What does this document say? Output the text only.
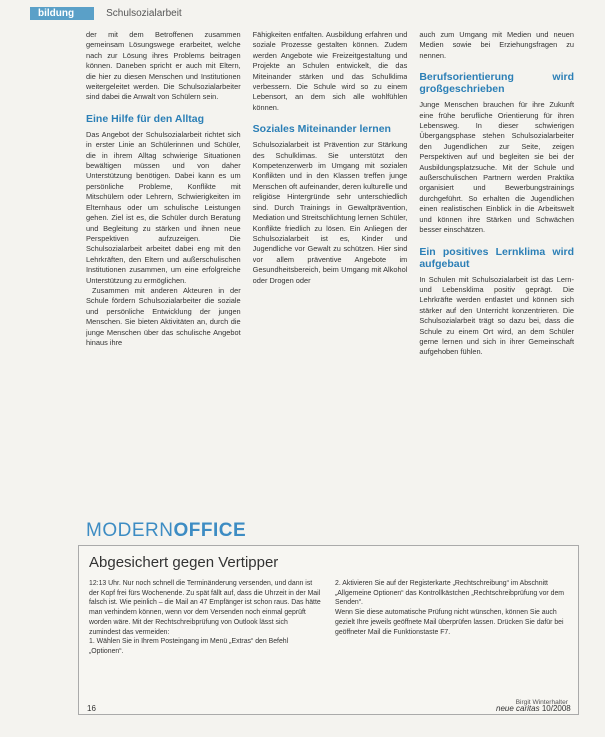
bildung	Schulsozialarbeit

der mit dem Betroffenen zusammen gemeinsam Lösungswege erarbeitet, welche nach zur Lösung ihres Problems beitragen können. Daneben spricht er auch mit Eltern, die hier zu diesen Menschen und Institutionen weitergeleitet werden. Die Schulsozialarbeiter sind dabei die Anwalt von Schülern sein.

Eine Hilfe für den Alltag

Das Angebot der Schulsozialarbeit richtet sich in erster Linie an Schülerinnen und Schüler, die in ihrem Alltag schwierige Situationen bewältigen müssen und von daher Unterstützung benötigen. Dabei kann es um persönliche Probleme, Konflikte mit Mitschülern oder Lehrern, Schwierigkeiten im Elternhaus oder um schulische Leistungen gehen. Ziel ist es, die Schüler durch Beratung und Begleitung zu stärken und ihnen neue Perspektiven aufzuzeigen. Die Schulsozialarbeit arbeitet dabei eng mit den Lehrkräften, den Eltern und außerschulischen Institutionen zusammen, um eine erfolgreiche Unterstützung zu ermöglichen.

Zusammen mit anderen Akteuren in der Schule fördern Schulsozialarbeiter die soziale und persönliche Entwicklung der jungen Menschen. Sie bieten Aktivitäten an, durch die junge Menschen über das schulische Angebot hinaus ihre

Fähigkeiten entfalten. Ausbildung erfahren und soziale Prozesse gestalten können. Zudem werden Angebote wie Freizeitgestaltung und Projekte an Schulen entwickelt, die das Miteinander stärken und das Schulklima verbessern. Die Schule wird so zu einem Lebensort, an dem sich alle wohlfühlen können.

Soziales Miteinander lernen

Schulsozialarbeit ist Prävention zur Stärkung des Schulklimas. Sie unterstützt den Kompetenzerwerb im Umgang mit sozialen Konflikten und in den Klassen treffen junge Menschen oft aufeinander, deren kulturelle und religiöse Hintergründe sehr unterschiedlich sind. Durch Trainings in Gewaltprävention, Mediation und Streitschlichtung lernen Schüler, Konflikte friedlich zu lösen. Ein Anliegen der Schulsozialarbeit ist es, Kinder und Jugendliche vor Gewalt zu schützen. Hier sind vor allem präventive Angebote im Gesundheitsbereich, beim Umgang mit Alkohol oder Drogen oder

auch zum Umgang mit Medien und neuen Medien sowie bei Erziehungsfragen zu nennen.

Berufsorientierung wird großgeschrieben

Junge Menschen brauchen für ihre Zukunft eine frühe berufliche Orientierung für ihren Lebensweg. In dieser schwierigen Übergangsphase stehen Schulsozialarbeiter den Jugendlichen zur Seite, zeigen Perspektiven auf und begleiten sie bei der Ausbildungsplatzsuche. Mit der Schule und außerschulischen Partnern werden Praktika organisiert und Bewerbungstrainings durchgeführt. So erhalten die Jugendlichen einen realistischen Einblick in die Arbeitswelt und können ihre Stärken und Schwächen besser einschätzen.

Ein positives Lernklima wird aufgebaut

In Schulen mit Schulsozialarbeit ist das Lern- und Lebensklima positiv geprägt. Die Lehrkräfte werden entlastet und können sich stärker auf den Unterricht konzentrieren. Die Schulsozialarbeit trägt so dazu bei, dass die Schule zu einem Ort wird, an dem Schüler gerne lernen und sich in ihrer Gemeinschaft aufgehoben fühlen.

MODERNOFFICE
Abgesichert gegen Vertipper

12:13 Uhr. Nur noch schnell die Terminänderung versenden, und dann ist der Kopf frei fürs Wochenende. Zu spät fällt auf, dass die Uhrzeit in der Mail falsch ist. Wie peinlich – die Mail an 47 Empfänger ist schon raus. Das hätte man verhindern können, wenn vor dem Versenden noch einmal geprüft worden wäre. Mit der Rechtschreibprüfung von Outlook lässt sich zumindest das vermeiden:

1. Wählen Sie in Ihrem Posteingang im Menü „Extras“ den Befehl „Optionen“.

2. Aktivieren Sie auf der Registerkarte „Rechtschreibung“ im Abschnitt „Allgemeine Optionen“ das Kontrollkästchen „Rechtschreibprüfung vor dem Senden“.

Wenn Sie diese automatische Prüfung nicht wünschen, können Sie auch gezielt Ihre jeweils geöffnete Mail überprüfen lassen. Drücken Sie dafür bei geöffneter Mail die Funktionstaste F7.

Birgit Winterhalter
16	neue caritas 10/2008
